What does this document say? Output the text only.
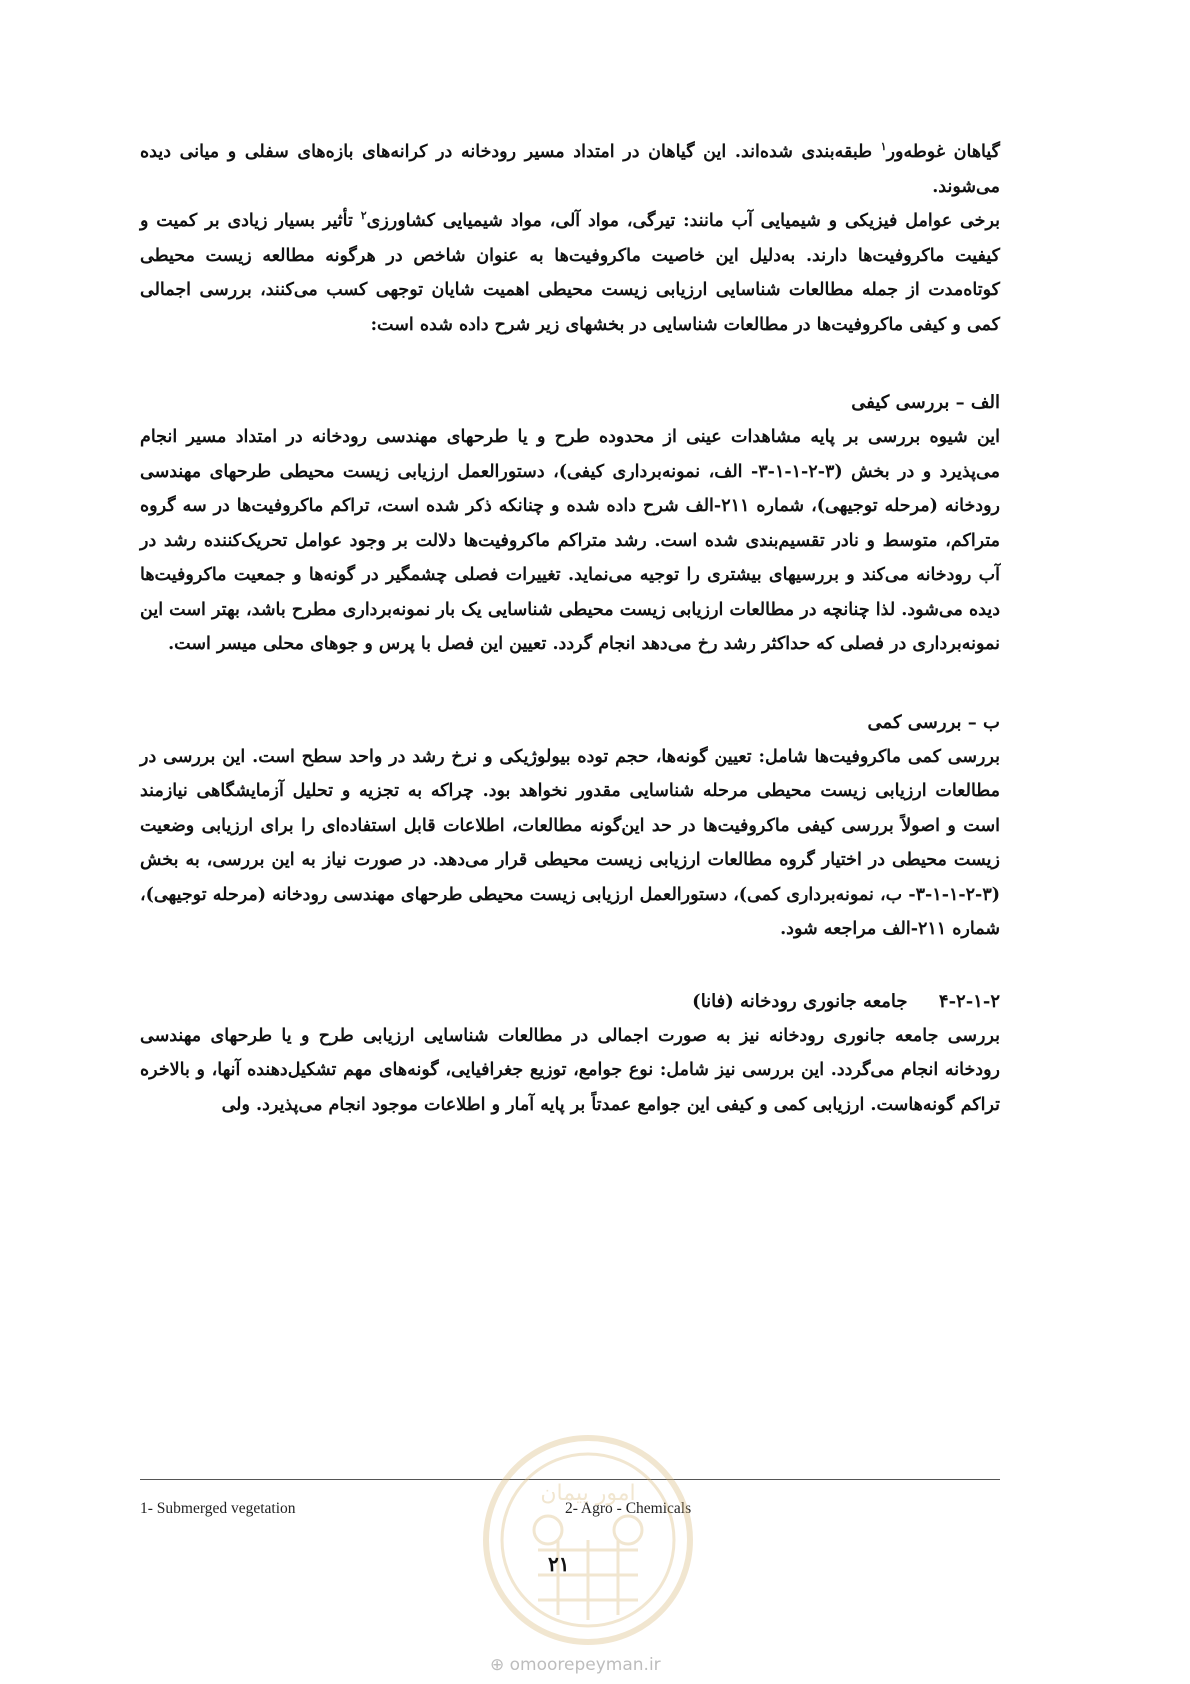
گیاهان غوطه‌ور$^۱$ طبقه‌بندی شده‌اند. این گیاهان در امتداد مسیر رودخانه در کرانه‌های بازه‌های سفلی و میانی دیده می‌شوند.

برخی عوامل فیزیکی و شیمیایی آب مانند: تیرگی، مواد آلی، مواد شیمیایی کشاورزی$^۲$ تأثیر بسیار زیادی بر کمیت و کیفیت ماکروفیت‌ها دارند. به‌دلیل این خاصیت ماکروفیت‌ها به عنوان شاخص در هرگونه مطالعه زیست محیطی کوتاه‌مدت از جمله مطالعات شناسایی ارزیابی زیست محیطی اهمیت شایان توجهی کسب می‌کنند، بررسی اجمالی کمی و کیفی ماکروفیت‌ها در مطالعات شناسایی در بخشهای زیر شرح داده شده است:

الف – بررسی کیفی

این شیوه بررسی بر پایه مشاهدات عینی از محدوده طرح و یا طرحهای مهندسی رودخانه در امتداد مسیر انجام می‌پذیرد و در بخش (۳-۲-۱-۱-۳- الف، نمونه‌برداری کیفی)، دستورالعمل ارزیابی زیست محیطی طرحهای مهندسی رودخانه (مرحله توجیهی)، شماره ۲۱۱-الف شرح داده شده و چنانکه ذکر شده است، تراکم ماکروفیت‌ها در سه گروه متراکم، متوسط و نادر تقسیم‌بندی شده است. رشد متراکم ماکروفیت‌ها دلالت بر وجود عوامل تحریک‌کننده رشد در آب رودخانه می‌کند و بررسیهای بیشتری را توجیه می‌نماید. تغییرات فصلی چشمگیر در گونه‌ها و جمعیت ماکروفیت‌ها دیده می‌شود. لذا چنانچه در مطالعات ارزیابی زیست محیطی شناسایی یک بار نمونه‌برداری مطرح باشد، بهتر است این نمونه‌برداری در فصلی که حداکثر رشد رخ می‌دهد انجام گردد. تعیین این فصل با پرس و جوهای محلی میسر است.

ب – بررسی کمی

بررسی کمی ماکروفیت‌ها شامل: تعیین گونه‌ها، حجم توده بیولوژیکی و نرخ رشد در واحد سطح است. این بررسی در مطالعات ارزیابی زیست محیطی مرحله شناسایی مقدور نخواهد بود. چراکه به تجزیه و تحلیل آزمایشگاهی نیازمند است و اصولاً بررسی کیفی ماکروفیت‌ها در حد این‌گونه مطالعات، اطلاعات قابل استفاده‌ای را برای ارزیابی وضعیت زیست محیطی در اختیار گروه مطالعات ارزیابی زیست محیطی قرار می‌دهد. در صورت نیاز به این بررسی، به بخش (۳-۲-۱-۱-۳- ب، نمونه‌برداری کمی)، دستورالعمل ارزیابی زیست محیطی طرحهای مهندسی رودخانه (مرحله توجیهی)، شماره ۲۱۱-الف مراجعه شود.

۴-۲-۱-۲     جامعه جانوری رودخانه (فانا)

بررسی جامعه جانوری رودخانه نیز به صورت اجمالی در مطالعات شناسایی ارزیابی طرح و یا طرحهای مهندسی رودخانه انجام می‌گردد. این بررسی نیز شامل: نوع جوامع، توزیع جغرافیایی، گونه‌های مهم تشکیل‌دهنده آنها، و بالاخره تراکم گونه‌هاست. ارزیابی کمی و کیفی این جوامع عمدتاً بر پایه آمار و اطلاعات موجود انجام می‌پذیرد. ولی

1- Submerged vegetation	2- Agro - Chemicals
امور پیمان
۲۱
⊕ omoorepeyman.ir
